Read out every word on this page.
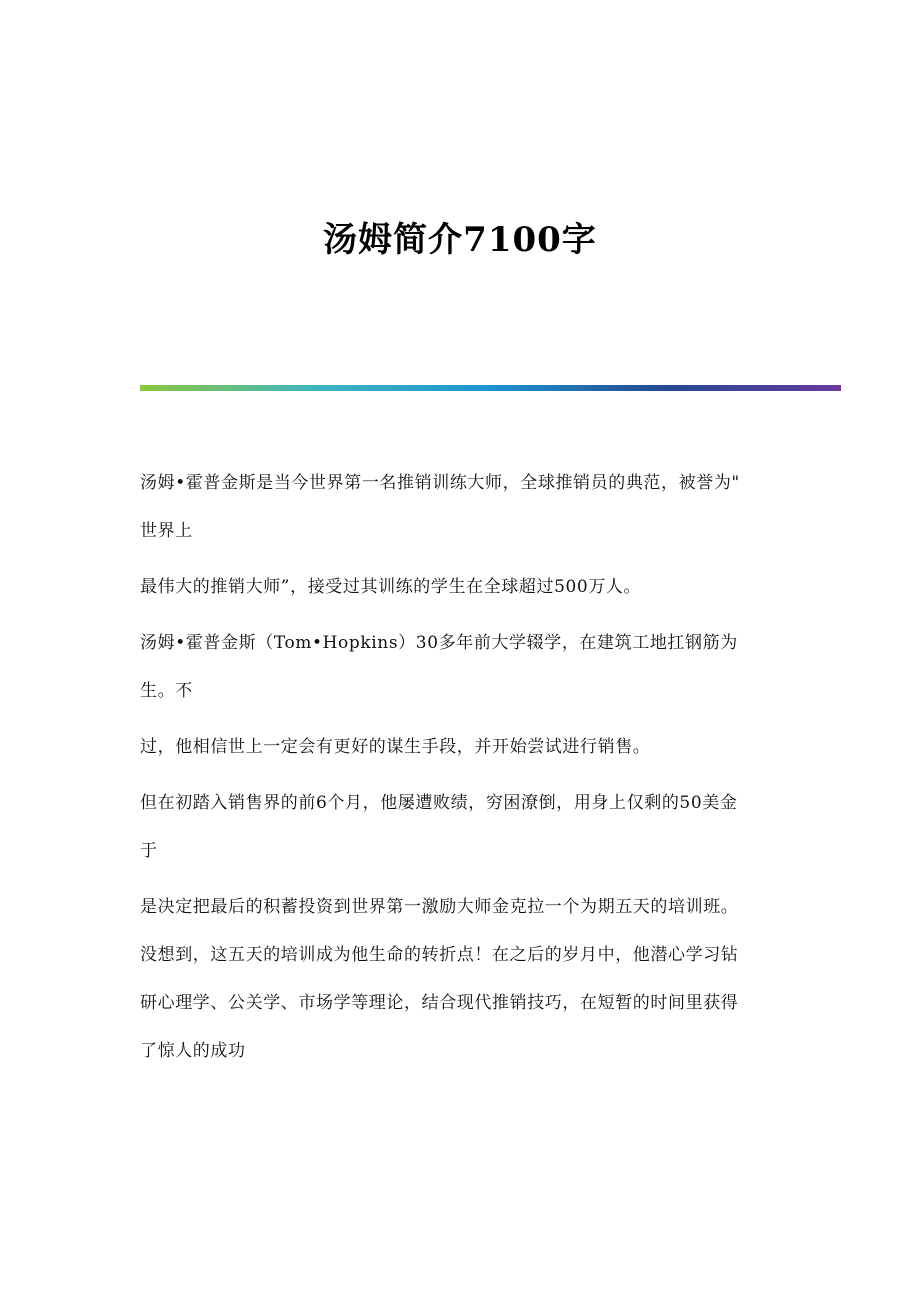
汤姆简介7100字
汤姆•霍普金斯是当今世界第一名推销训练大师，全球推销员的典范，被誉为"
世界上
最伟大的推销大师”，接受过其训练的学生在全球超过500万人。
汤姆•霍普金斯（Tom•Hopkins）30多年前大学辍学，在建筑工地扛钢筋为
生。不
过，他相信世上一定会有更好的谋生手段，并开始尝试进行销售。
但在初踏入销售界的前6个月，他屡遭败绩，穷困潦倒，用身上仅剩的50美金
于
是决定把最后的积蓄投资到世界第一激励大师金克拉一个为期五天的培训班。
没想到，这五天的培训成为他生命的转折点！在之后的岁月中，他潜心学习钻
研心理学、公关学、市场学等理论，结合现代推销技巧，在短暂的时间里获得
了惊人的成功
